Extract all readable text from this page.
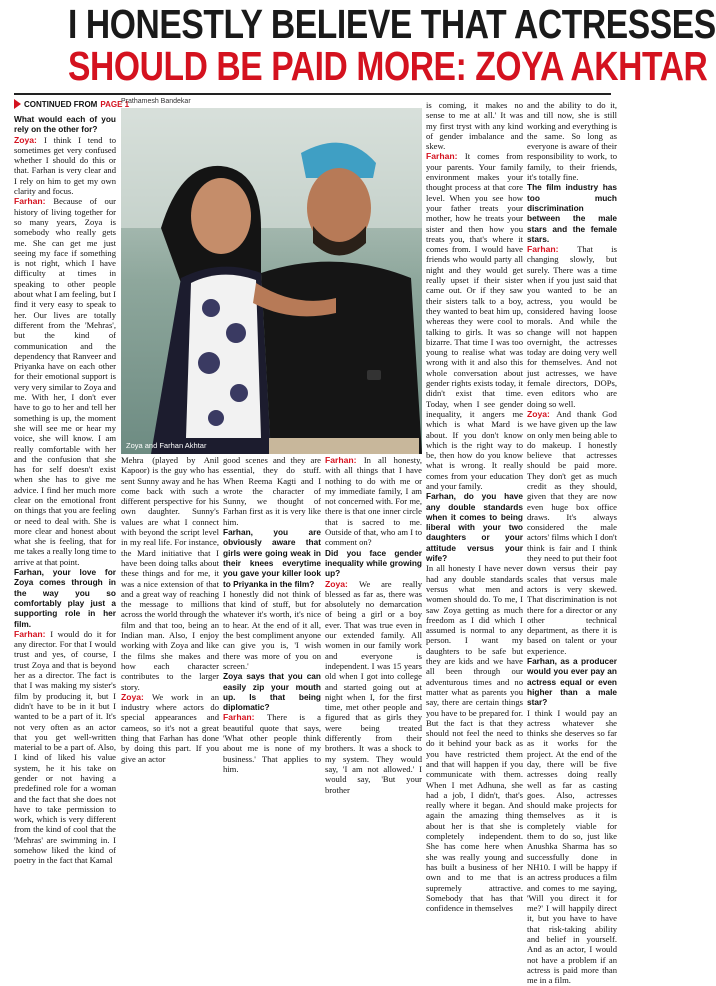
I HONESTLY BELIEVE THAT ACTRESSES
SHOULD BE PAID MORE: ZOYA AKHTAR
CONTINUED FROM PAGE 1
Prathamesh Bandekar
Zoya and Farhan Akhtar

What would each of you rely on the other for?

Zoya: I think I tend to sometimes get very confused whether I should do this or that. Farhan is very clear and I rely on him to get my own clarity and focus.

Farhan: Because of our history of living together for so many years, Zoya is somebody who really gets me. She can get me just seeing my face if something is not right, which I have difficulty at times in speaking to other people about what I am feeling, but I find it very easy to speak to her. Our lives are totally different from the 'Mehras', but the kind of communication and the dependency that Ranveer and Priyanka have on each other for their emotional support is very very similar to Zoya and me. With her, I don't ever have to go to her and tell her something is up, the moment she will see me or hear my voice, she will know. I am really comfortable with her and the confusion that she has for self doesn't exist when she has to give me advice. I find her much more clear on the emotional front on things that you are feeling or need to deal with. She is more clear and honest about what she is feeling, that for me takes a really long time to arrive at that point.

Farhan, your love for Zoya comes through in the way you so comfortably play just a supporting role in her film.

Farhan: I would do it for any director. For that I would trust and yes, of course, I trust Zoya and that is beyond her as a director. The fact is that I was making my sister's film by producing it, but I didn't have to be in it but I wanted to be a part of it. It's not very often as an actor that you get well-written material to be a part of. Also, I kind of liked his value system, he it his take on gender or not having a predefined role for a woman and the fact that she does not have to take permission to work, which is very different from the kind of cool that the 'Mehras' are swimming in. I somehow liked the kind of poetry in the fact that Kamal

Mehra (played by Anil Kapoor) is the guy who has sent Sunny away and he has come back with such a different perspective for his own daughter. Sunny's values are what I connect with beyond the script level in my real life. For instance, the Mard initiative that I have been doing talks about these things and for me, it was a nice extension of that and a great way of reaching the message to millions across the world through the film and that too, being an Indian man. Also, I enjoy working with Zoya and like the films she makes and how each character contributes to the larger story.

Zoya: We work in an industry where actors do special appearances and cameos, so it's not a great thing that Farhan has done by doing this part. If you give an actor

good scenes and they are essential, they do stuff. When Reema Kagti and I wrote the character of Sunny, we thought of Farhan first as it is very like him.

Farhan, you are obviously aware that girls were going weak in their knees everytime you gave your killer look to Priyanka in the film?

I honestly did not think of that kind of stuff, but for whatever it's worth, it's nice to hear. At the end of it all, the best compliment anyone can give you is, 'I wish there was more of you on screen.'

Zoya says that you can easily zip your mouth up. Is that being diplomatic?

Farhan: There is a beautiful quote that says, 'What other people think about me is none of my business.' That applies to him.

Farhan: In all honesty, with all things that I have nothing to do with me or my immediate family, I am not concerned with. For me, there is that one inner circle that is sacred to me. Outside of that, who am I to comment on?

Did you face gender inequality while growing up?

Zoya: We are really blessed as far as, there was absolutely no demarcation of being a girl or a boy ever. That was true even in our extended family. All women in our family work and everyone is independent. I was 15 years old when I got into college and started going out at night when I, for the first time, met other people and figured that as girls they were being treated differently from their brothers. It was a shock to my system. They would say, 'I am not allowed.' I would say, 'But your brother

is coming, it makes no sense to me at all.' It was my first tryst with any kind of gender imbalance and skew.

Farhan: It comes from your parents. Your family environment makes your thought process at that core level. When you see how your father treats your mother, how he treats your sister and then how you treats you, that's where it comes from. I would have friends who would party all night and they would get really upset if their sister came out. Or if they saw their sisters talk to a boy, they wanted to beat him up, whereas they were cool to talking to girls. It was so bizarre. That time I was too young to realise what was wrong with it and also this whole conversation about gender rights exists today, it didn't exist that time. Today, when I see gender inequality, it angers me which is what Mard is about. If you don't know which is the right way to be, then how do you know what is wrong. It really comes from your education and your family.

Farhan, do you have any double standards when it comes to being liberal with your two daughters or your attitude versus your wife?

In all honesty I have never had any double standards versus what men and women should do. To me, I saw Zoya getting as much freedom as I did which I assumed is normal to any person. I want my daughters to be safe but they are kids and we have all been through our adventurous times and no matter what as parents you say, there are certain things you have to be prepared for. But the fact is that they should not feel the need to do it behind your back as you have restricted them and that will happen if you communicate with them. When I met Adhuna, she had a job, I didn't, that's really where it began. And again the amazing thing about her is that she is completely independent. She has come here when she was really young and has built a business of her own and to me that is supremely attractive. Somebody that has that confidence in themselves

and the ability to do it, and till now, she is still working and everything is the same. So long as everyone is aware of their responsibility to work, to family, to their friends, it's totally fine.

The film industry has too much discrimination between the male stars and the female stars.

Farhan: That is changing slowly, but surely. There was a time when if you just said that you wanted to be an actress, you would be considered having loose morals. And while the change will not happen overnight, the actresses today are doing very well for themselves. And not just actresses, we have female directors, DOPs, even editors who are doing so well.

Zoya: And thank God we have given up the law on only men being able to do makeup. I honestly believe that actresses should be paid more. They don't get as much credit as they should, given that they are now even huge box office draws. It's always considered the male actors' films which I don't think is fair and I think they need to put their foot down versus their pay scales that versus male actors is very skewed. That discrimination is not there for a director or any other technical department, as there it is based on talent or your experience.

Farhan, as a producer would you ever pay an actress equal or even higher than a male star?

I think I would pay an actress whatever she thinks she deserves so far as it works for the project. At the end of the day, there will be five actresses doing really well as far as casting goes. Also, actresses should make projects for themselves as it is completely viable for them to do so, just like Anushka Sharma has so successfully done in NH10. I will be happy if an actress produces a film and comes to me saying, 'Will you direct it for me?' I will happily direct it, but you have to have that risk-taking ability and belief in yourself. And as an actor, I would not have a problem if an actress is paid more than me in a film.
